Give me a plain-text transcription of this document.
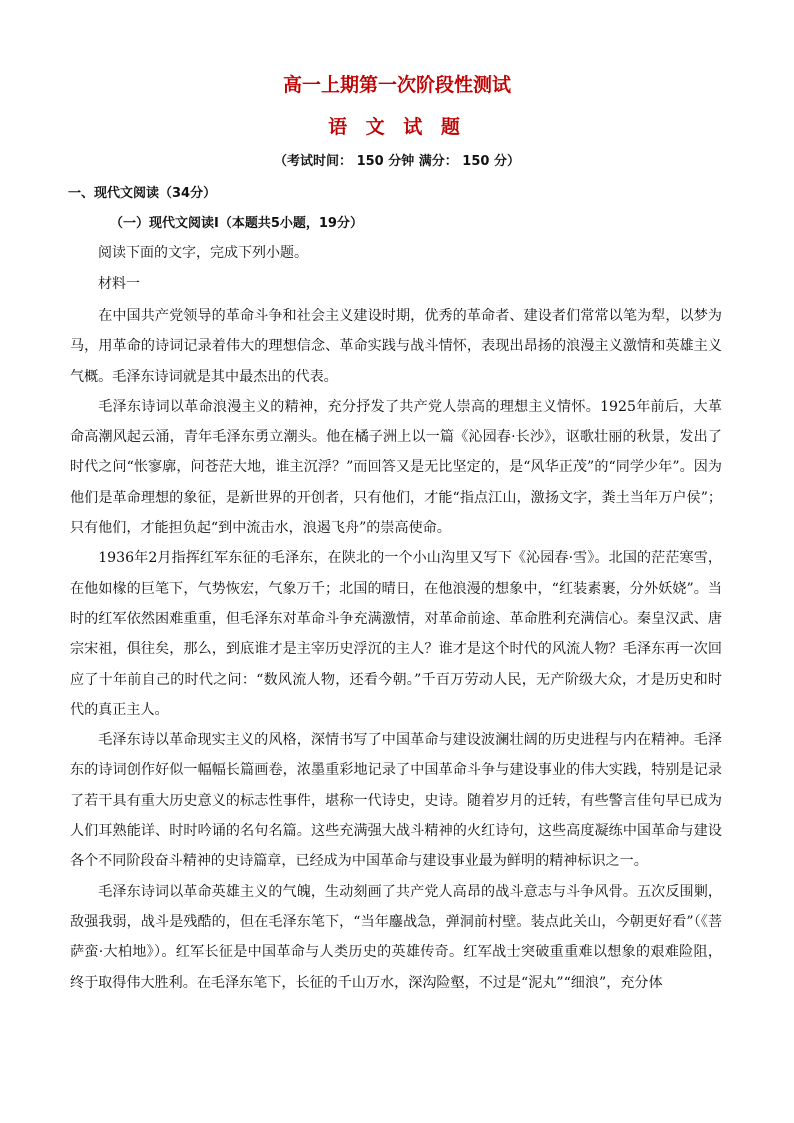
高一上期第一次阶段性测试
语 文 试 题
（考试时间： 150 分钟 满分： 150 分）
一、现代文阅读（34分）
（一）现代文阅读Ⅰ（本题共5小题，19分）
阅读下面的文字，完成下列小题。
材料一

在中国共产党领导的革命斗争和社会主义建设时期，优秀的革命者、建设者们常常以笔为犁，以梦为马，用革命的诗词记录着伟大的理想信念、革命实践与战斗情怀，表现出昂扬的浪漫主义激情和英雄主义气概。毛泽东诗词就是其中最杰出的代表。

毛泽东诗词以革命浪漫主义的精神，充分抒发了共产党人崇高的理想主义情怀。1925年前后，大革命高潮风起云涌，青年毛泽东勇立潮头。他在橘子洲上以一篇《沁园春·长沙》，讴歌壮丽的秋景，发出了时代之问“怅寥廓，问苍茫大地，谁主沉浮？”而回答又是无比坚定的，是“风华正茂”的“同学少年”。因为他们是革命理想的象征，是新世界的开创者，只有他们，才能“指点江山，激扬文字，粪土当年万户侯”；只有他们，才能担负起“到中流击水，浪遏飞舟”的崇高使命。

1936年2月指挥红军东征的毛泽东，在陕北的一个小山沟里又写下《沁园春·雪》。北国的茫茫寒雪，在他如椽的巨笔下，气势恢宏，气象万千；北国的晴日，在他浪漫的想象中，“红装素裹，分外妖娆”。当时的红军依然困难重重，但毛泽东对革命斗争充满激情，对革命前途、革命胜利充满信心。秦皇汉武、唐宗宋祖，俱往矣，那么，到底谁才是主宰历史浮沉的主人？谁才是这个时代的风流人物？毛泽东再一次回应了十年前自己的时代之问：“数风流人物，还看今朝。”千百万劳动人民，无产阶级大众，才是历史和时代的真正主人。

毛泽东诗以革命现实主义的风格，深情书写了中国革命与建设波澜壮阔的历史进程与内在精神。毛泽东的诗词创作好似一幅幅长篇画卷，浓墨重彩地记录了中国革命斗争与建设事业的伟大实践，特别是记录了若干具有重大历史意义的标志性事件，堪称一代诗史，史诗。随着岁月的迁转，有些警言佳句早已成为人们耳熟能详、时时吟诵的名句名篇。这些充满强大战斗精神的火红诗句，这些高度凝练中国革命与建设各个不同阶段奋斗精神的史诗篇章，已经成为中国革命与建设事业最为鲜明的精神标识之一。

毛泽东诗词以革命英雄主义的气魄，生动刻画了共产党人高昂的战斗意志与斗争风骨。五次反围剿，敌强我弱，战斗是残酷的，但在毛泽东笔下，“当年鏖战急，弹洞前村壁。装点此关山，今朝更好看”（《菩萨蛮·大柏地》）。红军长征是中国革命与人类历史的英雄传奇。红军战士突破重重难以想象的艰难险阻，终于取得伟大胜利。在毛泽东笔下，长征的千山万水，深沟险壑，不过是“泥丸”“细浪”，充分体
